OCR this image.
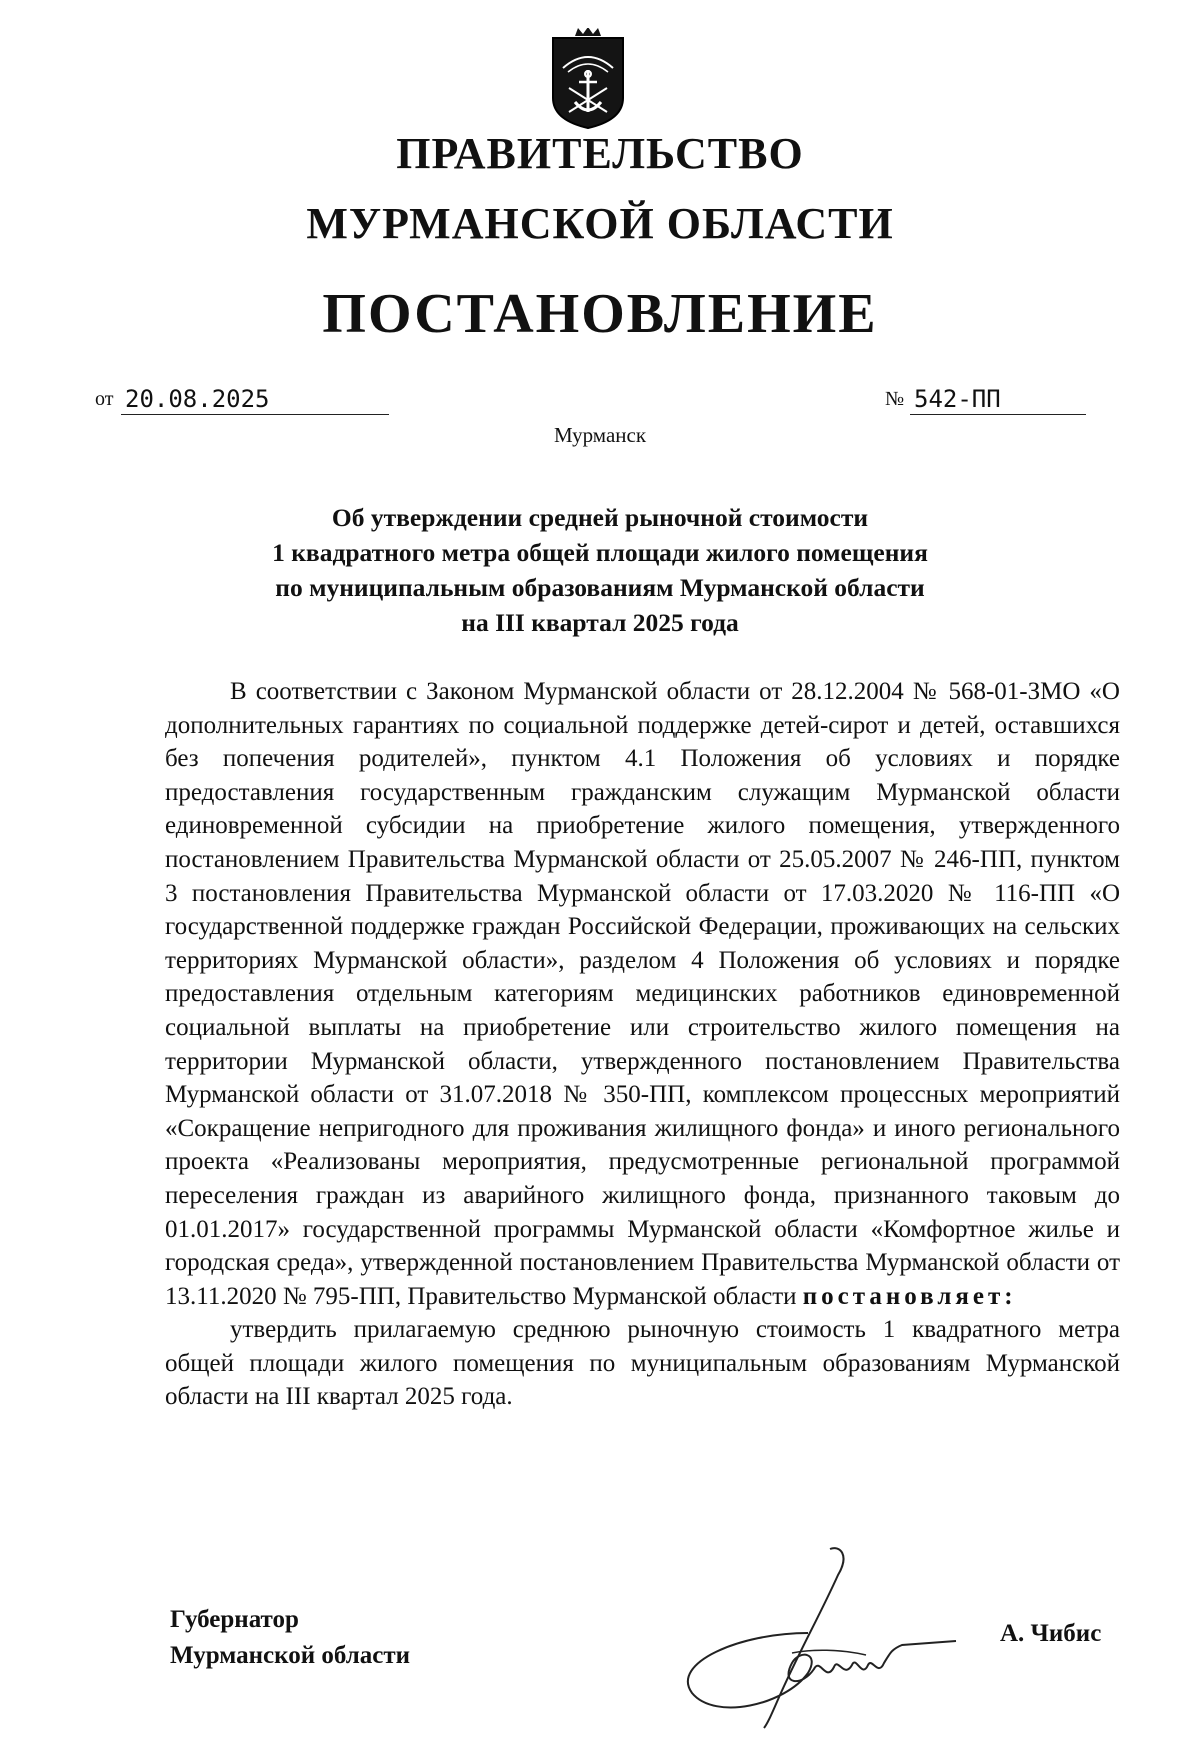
ПРАВИТЕЛЬСТВО
МУРМАНСКОЙ ОБЛАСТИ
ПОСТАНОВЛЕНИЕ
от 20.08.2025	№ 542-ПП
Мурманск
Об утверждении средней рыночной стоимости
1 квадратного метра общей площади жилого помещения
по муниципальным образованиям Мурманской области
на III квартал 2025 года

В соответствии с Законом Мурманской области от 28.12.2004 № 568-01-ЗМО «О дополнительных гарантиях по социальной поддержке детей-сирот и детей, оставшихся без попечения родителей», пунктом 4.1 Положения об условиях и порядке предоставления государственным гражданским служащим Мурманской области единовременной субсидии на приобретение жилого помещения, утвержденного постановлением Правительства Мурманской области от 25.05.2007 № 246-ПП, пунктом 3 постановления Правительства Мурманской области от 17.03.2020 № 116-ПП «О государственной поддержке граждан Российской Федерации, проживающих на сельских территориях Мурманской области», разделом 4 Положения об условиях и порядке предоставления отдельным категориям медицинских работников единовременной социальной выплаты на приобретение или строительство жилого помещения на территории Мурманской области, утвержденного постановлением Правительства Мурманской области от 31.07.2018 № 350-ПП, комплексом процессных мероприятий «Сокращение непригодного для проживания жилищного фонда» и иного регионального проекта «Реализованы мероприятия, предусмотренные региональной программой переселения граждан из аварийного жилищного фонда, признанного таковым до 01.01.2017» государственной программы Мурманской области «Комфортное жилье и городская среда», утвержденной постановлением Правительства Мурманской области от 13.11.2020 № 795-ПП, Правительство Мурманской области постановляет:

утвердить прилагаемую среднюю рыночную стоимость 1 квадратного метра общей площади жилого помещения по муниципальным образованиям Мурманской области на III квартал 2025 года.

Губернатор
Мурманской области
А. Чибис
